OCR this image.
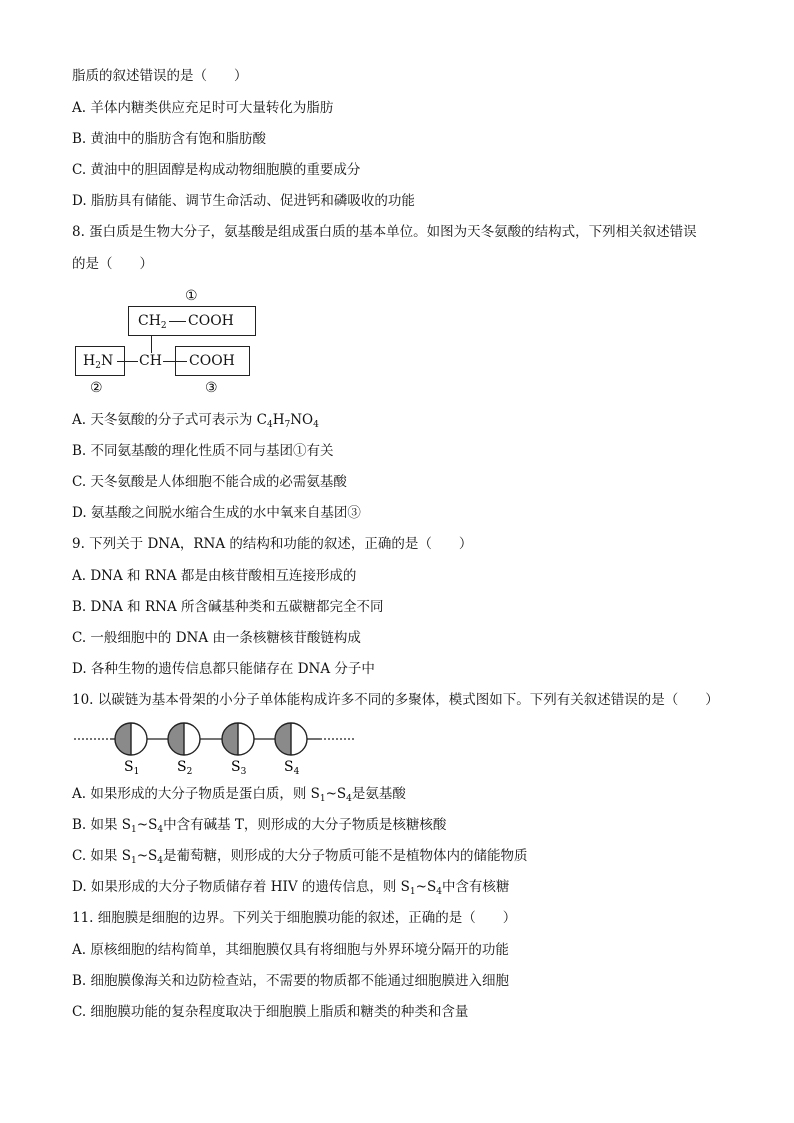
脂质的叙述错误的是（　　）
A. 羊体内糖类供应充足时可大量转化为脂肪
B. 黄油中的脂肪含有饱和脂肪酸
C. 黄油中的胆固醇是构成动物细胞膜的重要成分
D. 脂肪具有储能、调节生命活动、促进钙和磷吸收的功能
8. 蛋白质是生物大分子，氨基酸是组成蛋白质的基本单位。如图为天冬氨酸的结构式，下列相关叙述错误
的是（　　）
①
$CH_2$ COOH
$H_2N$ CH COOH
②	③
A. 天冬氨酸的分子式可表示为 $C_4H_7NO_4$
B. 不同氨基酸的理化性质不同与基团①有关
C. 天冬氨酸是人体细胞不能合成的必需氨基酸
D. 氨基酸之间脱水缩合生成的水中氧来自基团③
9. 下列关于 DNA，RNA 的结构和功能的叙述，正确的是（　　）
A. DNA 和 RNA 都是由核苷酸相互连接形成的
B. DNA 和 RNA 所含碱基种类和五碳糖都完全不同
C. 一般细胞中的 DNA 由一条核糖核苷酸链构成
D. 各种生物的遗传信息都只能储存在 DNA 分子中
10. 以碳链为基本骨架的小分子单体能构成许多不同的多聚体，模式图如下。下列有关叙述错误的是（　　）
$S_1$	$S_2$	$S_3$	$S_4$
A. 如果形成的大分子物质是蛋白质，则 $S_1\sim S_4$是氨基酸
B. 如果 $S_1\sim S_4$中含有碱基 T，则形成的大分子物质是核糖核酸
C. 如果 $S_1\sim S_4$是葡萄糖，则形成的大分子物质可能不是植物体内的储能物质
D. 如果形成的大分子物质储存着 HIV 的遗传信息，则 $S_1\sim S_4$中含有核糖
11. 细胞膜是细胞的边界。下列关于细胞膜功能的叙述，正确的是（　　）
A. 原核细胞的结构简单，其细胞膜仅具有将细胞与外界环境分隔开的功能
B. 细胞膜像海关和边防检查站，不需要的物质都不能通过细胞膜进入细胞
C. 细胞膜功能的复杂程度取决于细胞膜上脂质和糖类的种类和含量
